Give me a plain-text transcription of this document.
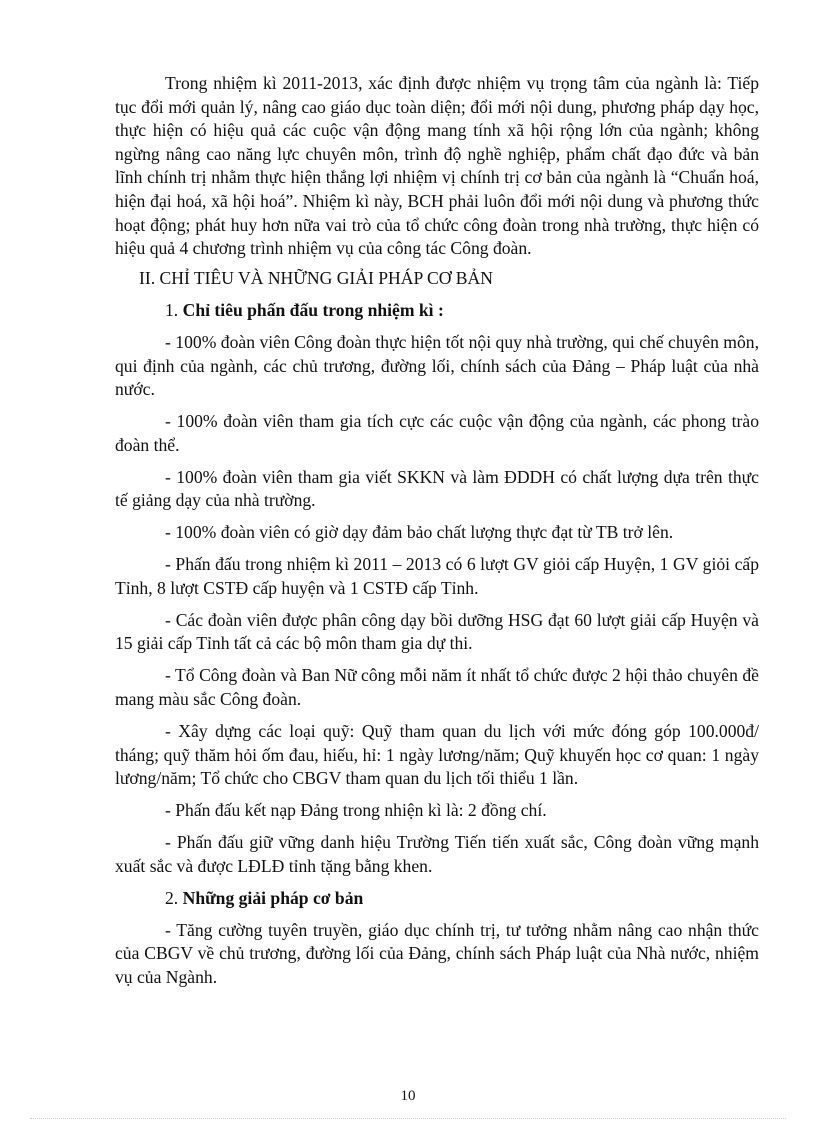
Trong nhiệm kì 2011-2013, xác định được nhiệm vụ trọng tâm của ngành là: Tiếp tục đổi mới quản lý, nâng cao giáo dục toàn diện; đổi mới nội dung, phương pháp dạy học, thực hiện có hiệu quả các cuộc vận động mang tính xã hội rộng lớn của ngành; không ngừng nâng cao năng lực chuyên môn, trình độ nghề nghiệp, phẩm chất đạo đức và bản lĩnh chính trị nhằm thực hiện thắng lợi nhiệm vị chính trị cơ bản của ngành là “Chuẩn hoá, hiện đại hoá, xã hội hoá”. Nhiệm kì này, BCH phải luôn đổi mới nội dung và phương thức hoạt động; phát huy hơn nữa vai trò của tổ chức công đoàn trong nhà trường, thực hiện có hiệu quả 4 chương trình nhiệm vụ của công tác Công đoàn.

II. CHỈ TIÊU VÀ NHỮNG GIẢI PHÁP CƠ BẢN

1. Chỉ tiêu phấn đấu trong nhiệm kì :

- 100% đoàn viên Công đoàn thực hiện tốt nội quy nhà trường, qui chế chuyên môn, qui định của ngành, các chủ trương, đường lối, chính sách của Đảng – Pháp luật của nhà nước.

- 100% đoàn viên tham gia tích cực các cuộc vận động của ngành, các phong trào đoàn thể.

- 100% đoàn viên tham gia viết SKKN và làm ĐDDH có chất lượng dựa trên thực tế giảng dạy của nhà trường.

- 100% đoàn viên có giờ dạy đảm bảo chất lượng thực đạt từ TB trở lên.

- Phấn đấu trong nhiệm kì 2011 – 2013 có 6 lượt GV giỏi cấp Huyện, 1 GV giỏi cấp Tỉnh, 8 lượt CSTĐ cấp huyện và 1 CSTĐ cấp Tỉnh.

- Các đoàn viên được phân công dạy bồi dưỡng HSG đạt 60 lượt giải cấp Huyện và 15 giải cấp Tỉnh tất cả các bộ môn tham gia dự thi.

- Tổ Công đoàn và Ban Nữ công mỗi năm ít nhất tổ chức được 2 hội thảo chuyên đề mang màu sắc Công đoàn.

- Xây dựng các loại quỹ: Quỹ tham quan du lịch với mức đóng góp 100.000đ/ tháng; quỹ thăm hỏi ốm đau, hiếu, hỉ: 1 ngày lương/năm; Quỹ khuyến học cơ quan: 1 ngày lương/năm; Tổ chức cho CBGV tham quan du lịch tối thiểu 1 lần.

- Phấn đấu kết nạp Đảng trong nhiện kì là: 2 đồng chí.

- Phấn đấu giữ vững danh hiệu Trường Tiến tiến xuất sắc, Công đoàn vững mạnh xuất sắc và được LĐLĐ tỉnh tặng bằng khen.

2. Những giải pháp cơ bản

- Tăng cường tuyên truyền, giáo dục chính trị, tư tưởng nhằm nâng cao nhận thức của CBGV về chủ trương, đường lối của Đảng, chính sách Pháp luật của Nhà nước, nhiệm vụ của Ngành.

10
